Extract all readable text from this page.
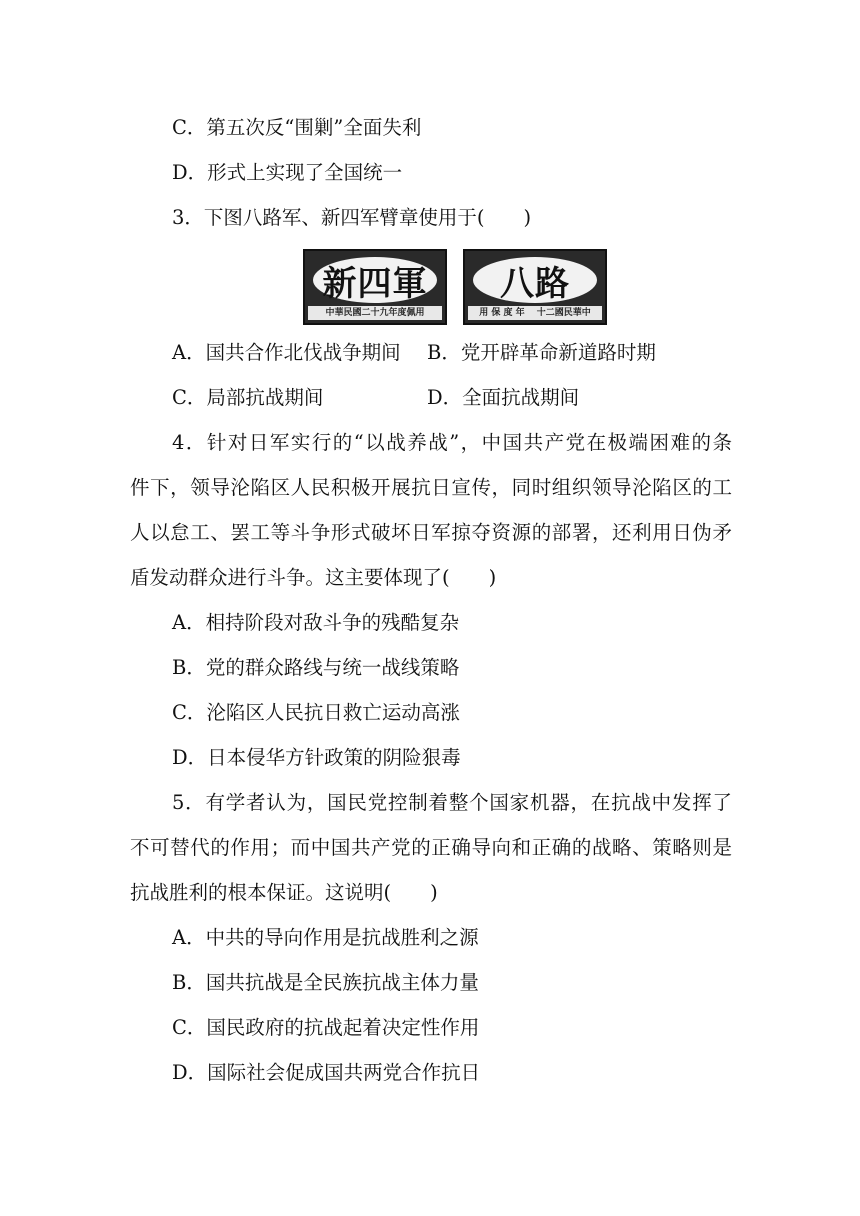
C．第五次反“围剿”全面失利
D．形式上实现了全国统一
3．下图八路军、新四军臂章使用于(　　)
新四軍
中華民國二十九年度佩用
八路
用 保 度 年 　十二國民華中
A．国共合作北伐战争期间 B．党开辟革命新道路时期
C．局部抗战期间	D．全面抗战期间
4．针对日军实行的“以战养战”，中国共产党在极端困难的条
件下，领导沦陷区人民积极开展抗日宣传，同时组织领导沦陷区的工
人以怠工、罢工等斗争形式破坏日军掠夺资源的部署，还利用日伪矛
盾发动群众进行斗争。这主要体现了(　　)
A．相持阶段对敌斗争的残酷复杂
B．党的群众路线与统一战线策略
C．沦陷区人民抗日救亡运动高涨
D．日本侵华方针政策的阴险狠毒
5．有学者认为，国民党控制着整个国家机器，在抗战中发挥了
不可替代的作用；而中国共产党的正确导向和正确的战略、策略则是
抗战胜利的根本保证。这说明(　　)
A．中共的导向作用是抗战胜利之源
B．国共抗战是全民族抗战主体力量
C．国民政府的抗战起着决定性作用
D．国际社会促成国共两党合作抗日
